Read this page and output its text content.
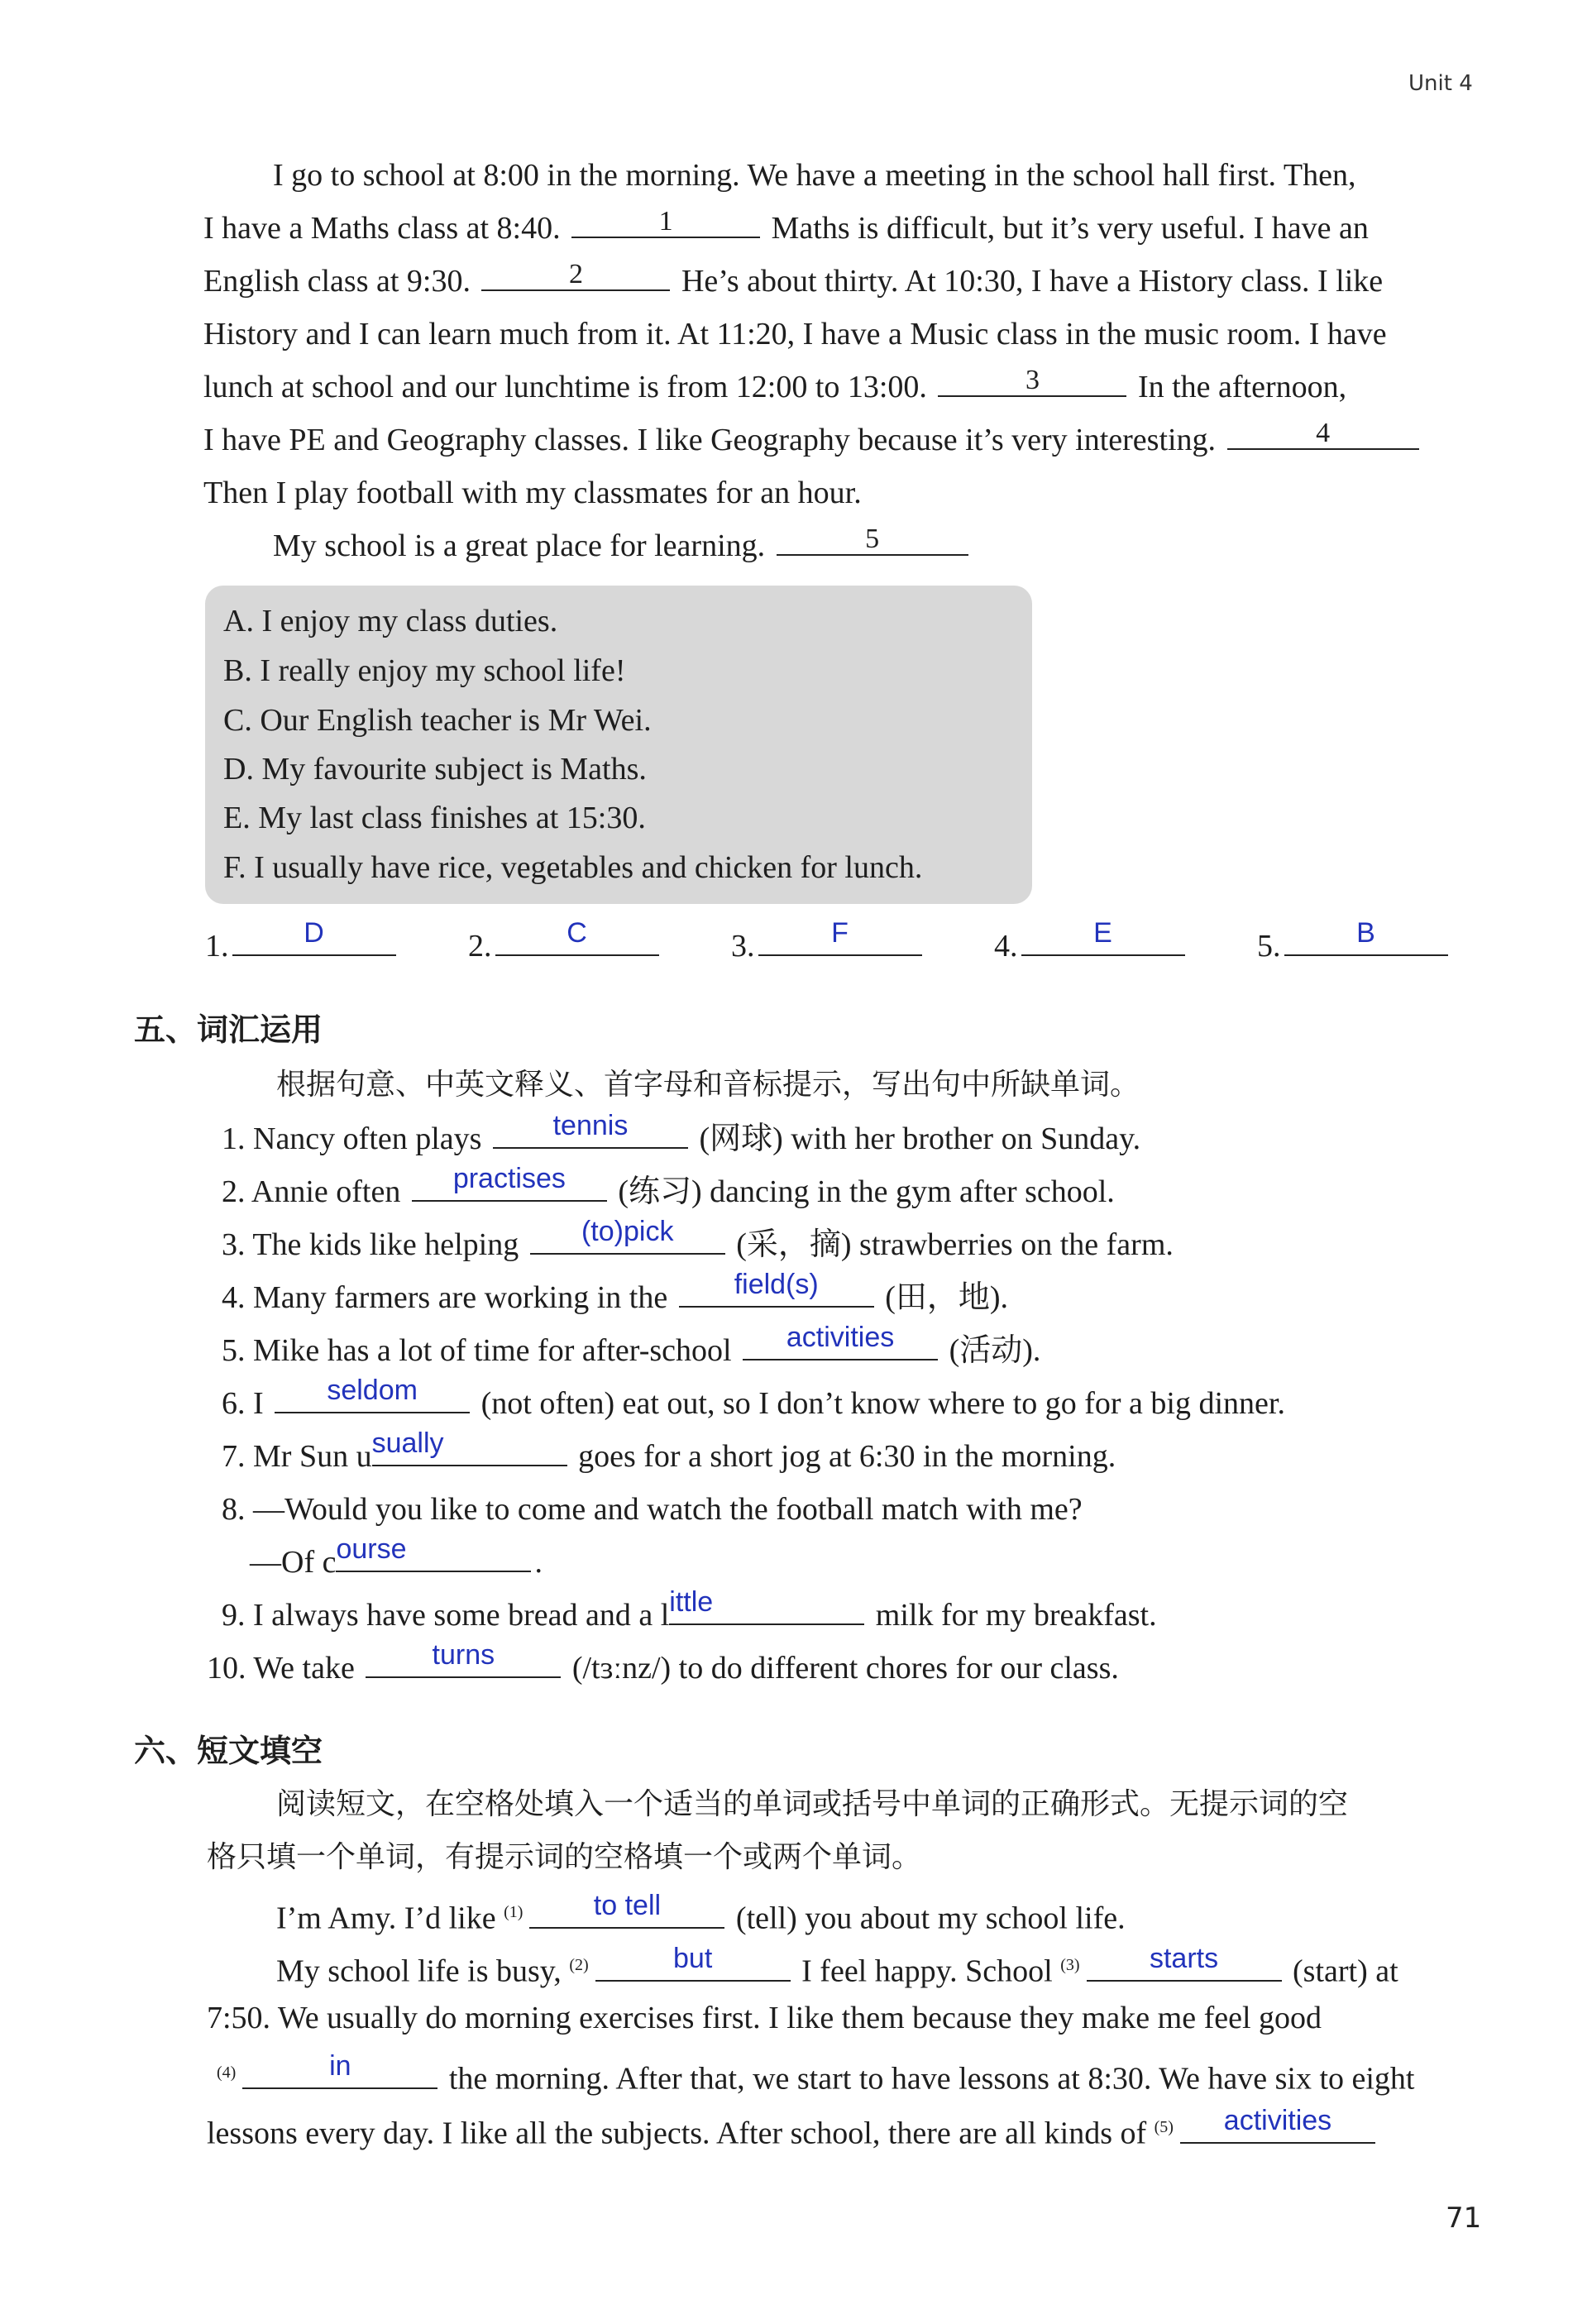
Unit 4
I go to school at 8:00 in the morning. We have a meeting in the school hall first. Then,
I have a Maths class at 8:40.	1	Maths is difficult, but it’s very useful. I have an
English class at 9:30.	2	He’s about thirty. At 10:30, I have a History class. I like
History and I can learn much from it. At 11:20, I have a Music class in the music room. I have
lunch at school and our lunchtime is from 12:00 to 13:00.	3	In the afternoon,
I have PE and Geography classes. I like Geography because it’s very interesting.	4
Then I play football with my classmates for an hour.
My school is a great place for learning.	5
A. I enjoy my class duties.
B. I really enjoy my school life!
C. Our English teacher is Mr Wei.
D. My favourite subject is Maths.
E. My last class finishes at 15:30.
F. I usually have rice, vegetables and chicken for lunch.
1.	D	2.	C	3.	F	4.	E	5.	B
五、词汇运用
根据句意、中英文释义、首字母和音标提示，写出句中所缺单词。
1. Nancy often plays	tennis	(网球) with her brother on Sunday.
2. Annie often	practises	(练习) dancing in the gym after school.
3. The kids like helping	(to)pick	(采，摘) strawberries on the farm.
4. Many farmers are working in the	field(s)	(田，地).
5. Mike has a lot of time for after-school	activities	(活动).
6. I	seldom	(not often) eat out, so I don’t know where to go for a big dinner.
7. Mr Sun u sually	goes for a short jog at 6:30 in the morning.
8. —Would you like to come and watch the football match with me?
—Of c ourse	.
9. I always have some bread and a l ittle	milk for my breakfast.
10. We take	turns	(/tɜːnz/) to do different chores for our class.
六、短文填空
阅读短文，在空格处填入一个适当的单词或括号中单词的正确形式。无提示词的空
格只填一个单词，有提示词的空格填一个或两个单词。
I’m Amy. I’d like $^{(1)}$	to tell	(tell) you about my school life.
My school life is busy, $^{(2)}$	but	I feel happy. School $^{(3)}$	starts	(start) at
7:50. We usually do morning exercises first. I like them because they make me feel good
$^{(4)}$	in	the morning. After that, we start to have lessons at 8:30. We have six to eight
lessons every day. I like all the subjects. After school, there are all kinds of $^{(5)}$	activities
71
